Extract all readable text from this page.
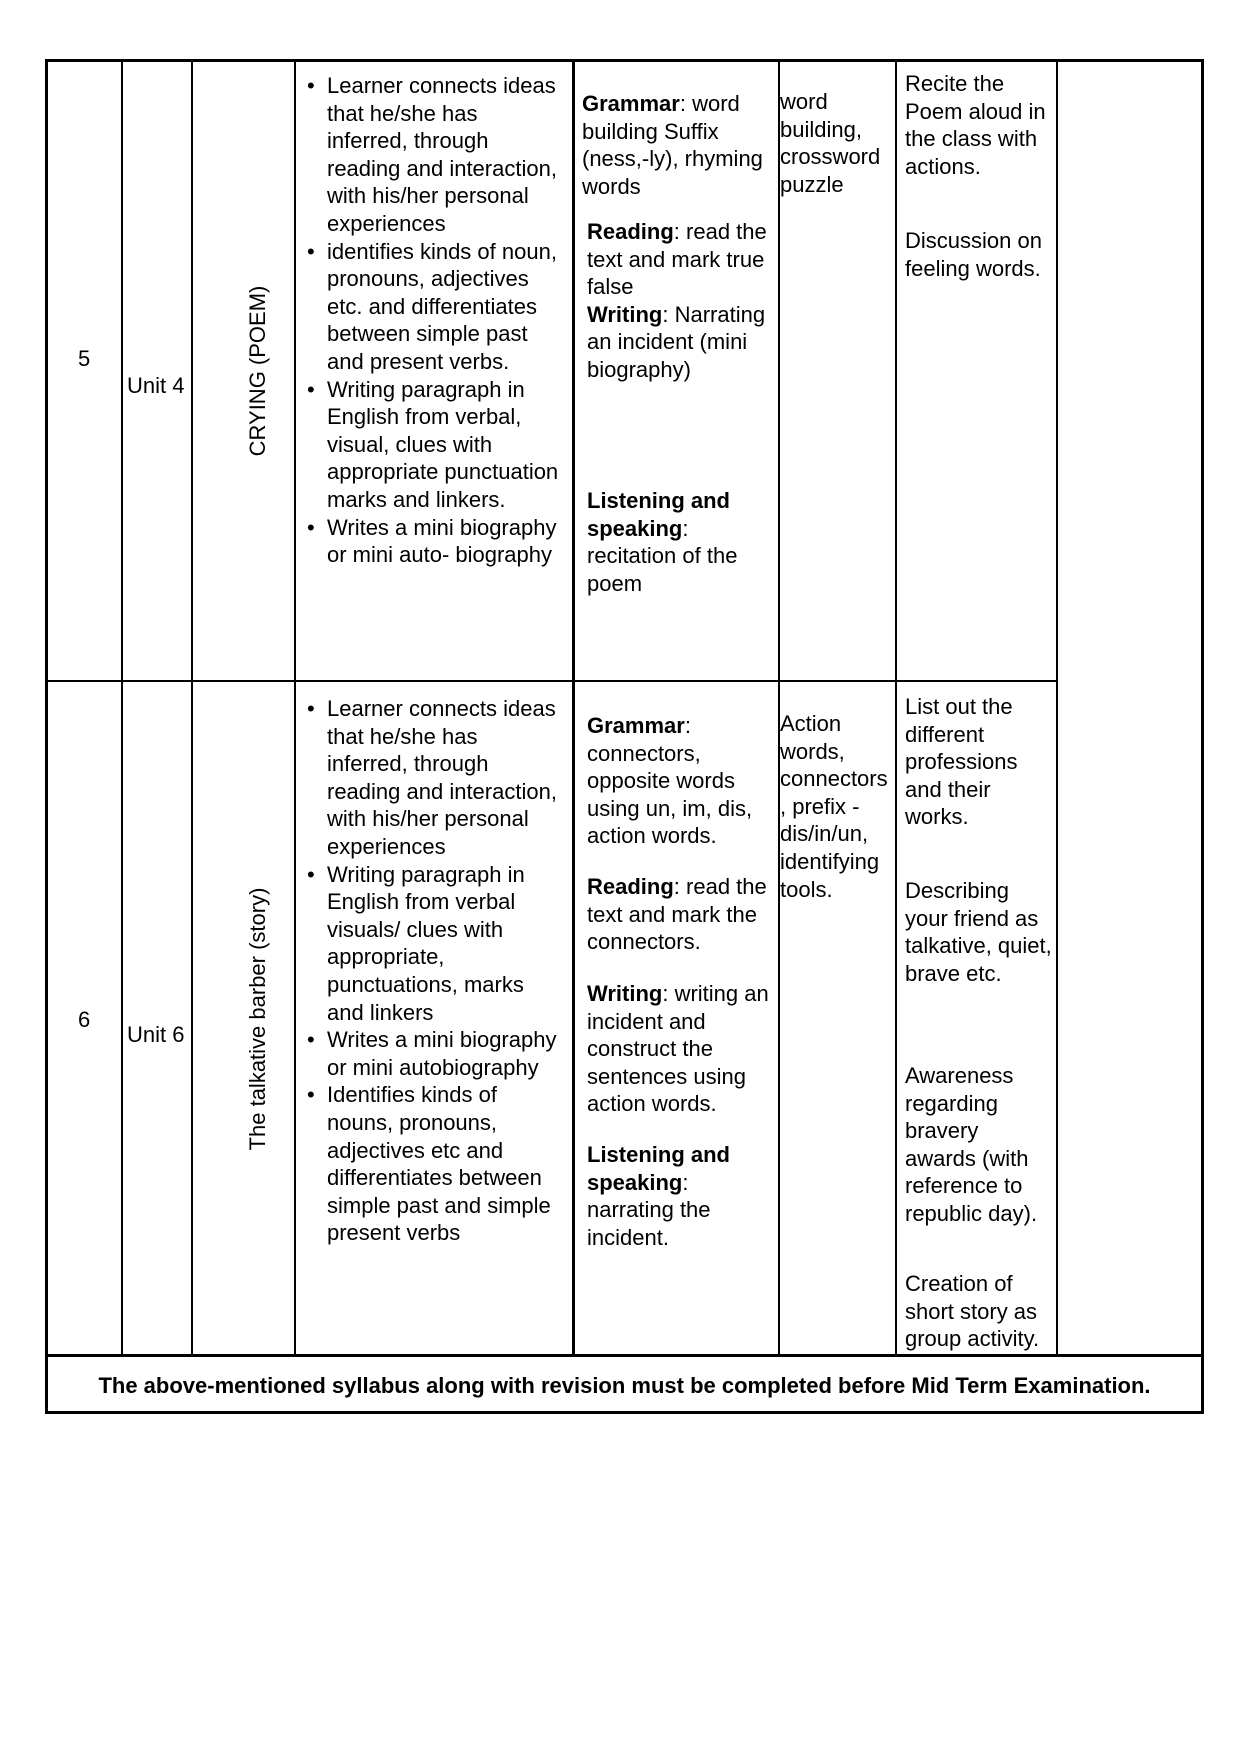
5
Unit 4	CRYING (POEM)
• Learner connects ideas that he/she has inferred, through reading and interaction, with his/her personal experiences
• identifies kinds of noun, pronouns, adjectives etc. and differentiates between simple past and present verbs.
• Writing paragraph in English from verbal, visual, clues with appropriate punctuation marks and linkers.
• Writes a mini biography or mini auto- biography
Grammar: word building Suffix (ness,-ly), rhyming words
Reading: read the text and mark true false
Writing: Narrating an incident (mini biography)
Listening and speaking: recitation of the poem
word building, crossword puzzle
Recite the Poem aloud in the class with actions.
Discussion on feeling words.
6
Unit 6	The talkative barber (story)
• Learner connects ideas that he/she has inferred, through reading and interaction, with his/her personal experiences
• Writing paragraph in English from verbal visuals/ clues with appropriate, punctuations, marks and linkers
• Writes a mini biography or mini autobiography
• Identifies kinds of nouns, pronouns, adjectives etc and differentiates between simple past and simple present verbs
Grammar: connectors, opposite words using un, im, dis, action words.
Reading: read the text and mark the connectors.
Writing: writing an incident and construct the sentences using action words.
Listening and speaking: narrating the incident.
Action words, connectors , prefix - dis/in/un, identifying tools.
List out the different professions and their works.
Describing your friend as talkative, quiet, brave etc.
Awareness regarding bravery awards (with reference to republic day).
Creation of short story as group activity.
The above-mentioned syllabus along with revision must be completed before Mid Term Examination.
